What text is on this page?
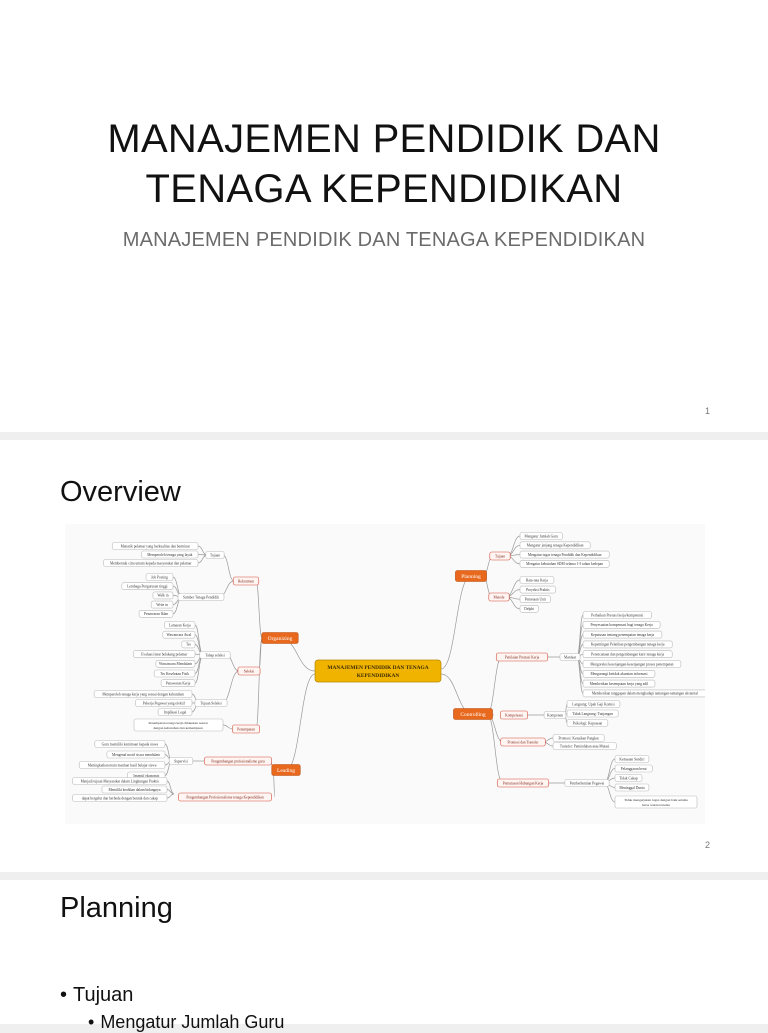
MANAJEMEN PENDIDIK DAN
TENAGA KEPENDIDIKAN
MANAJEMEN PENDIDIK DAN TENAGA KEPENDIDIKAN
1
Overview
MANAJEMEN PENDIDIK DAN TENAGA
KEPENDIDIKAN
Menarik pelamar yang berkualitas dan berminat
Memperoleh tenaga yang layak
Membentuk citra umum kepada masyarakat dan pelamar
Job Posting
Lembaga Pengurusan tinggi
Walk in
Write in
Penawaran Iklan
Tujuan
Sumber Tenaga Pendidik
Lamaran Kerja
Wawancara Awal
Tes
Evaluasi latar belakang pelamar
Wawancara Mendalam
Tes Kesehatan Fisik
Penawaran Kerja
Memperoleh tenaga kerja yang sesuai dengan kebutuhan
Pekerja Pegawai yang efektif
Implikasi Legal
Tahap seleksi
Tujuan Seleksi
Penempatan tenaga kerja dilakukan sesuai
dengan kebutuhan dan kemampuan
Rekrutmen
Seleksi
Penempatan
Organizing
Guru memiliki kemitraan kepada siswa
Mengenal motif siswa mendalam
Meningkatkan mutu manfaat hasil belajar siswa
Insentif ekonomis
Menjadi tujuan Masyarakat dalam Lingkungan Praktis
Memiliki keahlian dalam bidangnya
dapat bergelut dan berbeda dengan bentuk dan cakap
Supervisi	Pengembangan profesionalisme guru
Pengembangan Profesionalisme tenaga Kependidikan
Leading
Mengatur Jumlah Guru
Mengatur jenjang tenaga Kependidikan
Mengatur tugas tenaga Pendidik dan Kependidikan
Mengatur kebutuhan SDM selama 1-5 tahun kedepan
Rata-rata Kerja
Proyeksi Praktis
Pemetaan Unit
Delphi
Tujuan
Metode
Planning
Perbaikan Prestasi kerja/kompetensi
Penyesuaian kompensasi bagi tenaga Kerja
Keputusan tentang penempatan tenaga kerja
Kepentingan Pelatihan pengembangan tenaga kerja
Perencanaan dan pengembangan karir tenaga kerja
Mengoreksi kesenjangan-kesenjangan proses penempatan
Mengurangi ketidak akuratan informasi
Memberikan kesempatan kerja yang adil
Memberikan tanggapan dalam menghadapi tantangan-tantangan eksternal
Manfaat
Langsung: Upah Gaji Komisi
Tidak Langsung: Tunjangan
Psikologi: Kepuasan
Komponen
Promosi: Kenaikan Pangkat
Transfer: Pemindahan atau Mutasi
Kemauan Sendiri
Pelanggaran berat
Tidak Cakap
Meninggal Dunia
Tidak mengerjakan tugas dengan baik selama
batas waktu tertentu
Pemberhentian Pegawai
Penilaian Prestasi Kerja
Kompensasi
Promosi dan Transfer
Pemutusan Hubungan Kerja
Controlling
2
Planning
• Tujuan
• Mengatur Jumlah Guru
